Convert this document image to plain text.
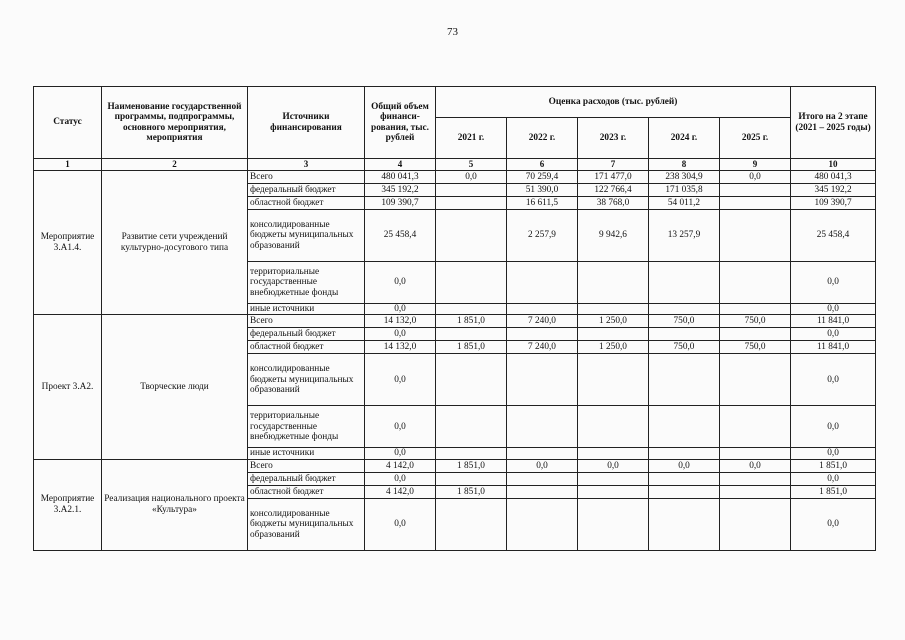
73
Статус	Наименование государственной программы, подпрограммы, основного мероприятия, мероприятия	Источники финансирования	Общий объем финанси-рования, тыс. рублей	Оценка расходов (тыс. рублей)					Итого на 2 этапе (2021 – 2025 годы)
				2021 г.	2022 г.	2023 г.	2024 г.	2025 г.	
1	2	3	4	5	6	7	8	9	10
Мероприятие 3.А1.4.	Развитие сети учреждений культурно-досугового типа	Всего	480 041,3	0,0	70 259,4	171 477,0	238 304,9	0,0	480 041,3
		федеральный бюджет	345 192,2		51 390,0	122 766,4	171 035,8		345 192,2
		областной бюджет	109 390,7		16 611,5	38 768,0	54 011,2		109 390,7
		консолидированные бюджеты муниципальных образований	25 458,4		2 257,9	9 942,6	13 257,9		25 458,4
		территориальные государственные внебюджетные фонды	0,0						0,0
		иные источники	0,0						0,0
Проект 3.А2.	Творческие люди	Всего	14 132,0	1 851,0	7 240,0	1 250,0	750,0	750,0	11 841,0
		федеральный бюджет	0,0						0,0
		областной бюджет	14 132,0	1 851,0	7 240,0	1 250,0	750,0	750,0	11 841,0
		консолидированные бюджеты муниципальных образований	0,0						0,0
		территориальные государственные внебюджетные фонды	0,0						0,0
		иные источники	0,0						0,0
Мероприятие 3.А2.1.	Реализация национального проекта «Культура»	Всего	4 142,0	1 851,0	0,0	0,0	0,0	0,0	1 851,0
		федеральный бюджет	0,0						0,0
		областной бюджет	4 142,0	1 851,0					1 851,0
		консолидированные бюджеты муниципальных образований	0,0						0,0
